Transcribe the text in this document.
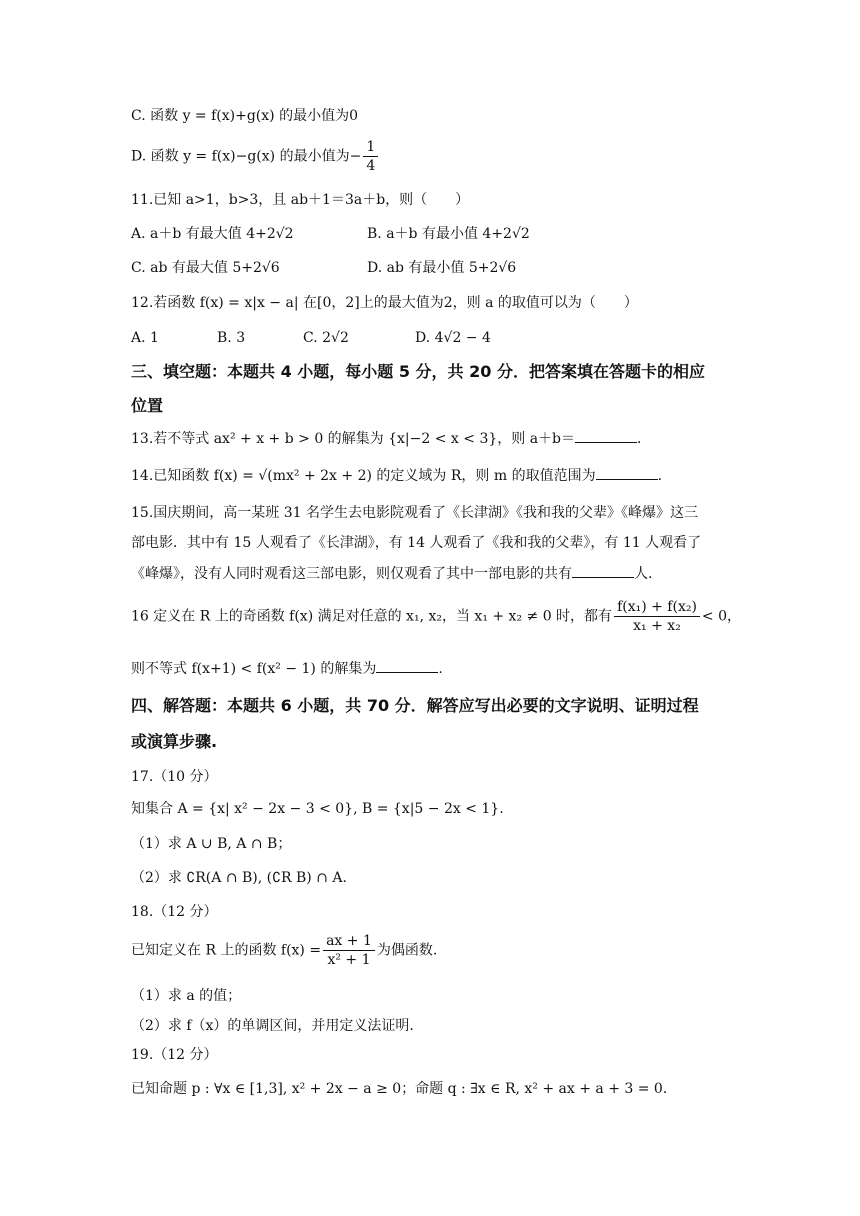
C. 函数 y = f(x)+g(x) 的最小值为0
D. 函数 y = f(x)−g(x) 的最小值为− $\frac{1}{4}$
11.已知 a>1，b>3，且 ab＋1＝3a＋b，则（　　）
A. a＋b 有最大值 4+2√2	B. a＋b 有最小值 4+2√2
C. ab 有最大值 5+2√6	D. ab 有最小值 5+2√6
12.若函数 f(x) = x|x − a| 在[0，2]上的最大值为2，则 a 的取值可以为（　　）
A. 1	B. 3	C. 2√2	D. 4√2 − 4
三、填空题：本题共 4 小题，每小题 5 分，共 20 分．把答案填在答题卡的相应
位置
13.若不等式 ax² + x + b > 0 的解集为 {x|−2 < x < 3}，则 a＋b＝	.
14.已知函数 f(x) = √(mx² + 2x + 2) 的定义域为 R，则 m 的取值范围为	.
15.国庆期间，高一某班 31 名学生去电影院观看了《长津湖》《我和我的父辈》《峰爆》这三
部电影．其中有 15 人观看了《长津湖》，有 14 人观看了《我和我的父辈》，有 11 人观看了
《峰爆》，没有人同时观看这三部电影，则仅观看了其中一部电影的共有	人.
16 定义在 R 上的奇函数 f(x) 满足对任意的 x₁, x₂，当 x₁ + x₂ ≠ 0 时，都有 $\frac{\text{f(x₁) + f(x₂)}}{\text{x₁ + x₂}} < 0$，
则不等式 f(x+1) < f(x² − 1) 的解集为	.
四、解答题：本题共 6 小题，共 70 分．解答应写出必要的文字说明、证明过程
或演算步骤.
17.（10 分）
知集合 A = {x| x² − 2x − 3 < 0}, B = {x|5 − 2x < 1}.
（1）求 A ∪ B, A ∩ B；
（2）求 ∁R(A ∩ B), (∁R B) ∩ A.
18.（12 分）
已知定义在 R 上的函数 $f(x) = \frac{ax + 1}{\text{x² + 1}}$ 为偶函数.
（1）求 a 的值；
（2）求 f（x）的单调区间，并用定义法证明.
19.（12 分）
已知命题 p : ∀x ∈ [1,3], x² + 2x − a ≥ 0；命题 q : ∃x ∈ R, x² + ax + a + 3 = 0．
